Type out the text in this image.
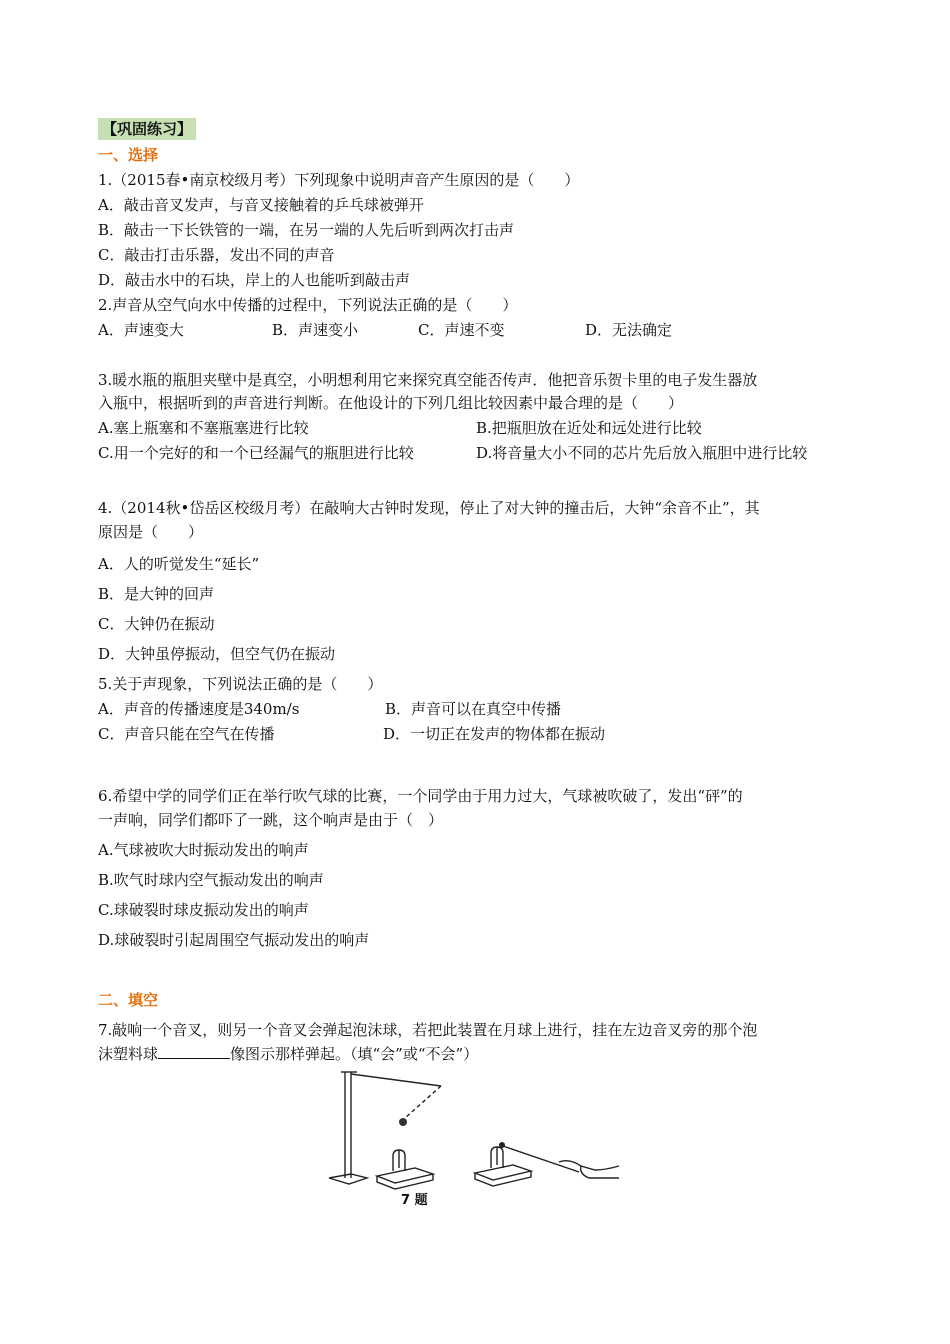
【巩固练习】
一、选择
1.（2015春•南京校级月考）下列现象中说明声音产生原因的是（　　）
A．敲击音叉发声，与音叉接触着的乒乓球被弹开
B．敲击一下长铁管的一端，在另一端的人先后听到两次打击声
C．敲击打击乐器，发出不同的声音
D．敲击水中的石块，岸上的人也能听到敲击声
2.声音从空气向水中传播的过程中，下列说法正确的是（　　）
A．声速变大	B．声速变小	C．声速不变	D．无法确定
3.暖水瓶的瓶胆夹壁中是真空，小明想利用它来探究真空能否传声．他把音乐贺卡里的电子发生器放
入瓶中，根据听到的声音进行判断。在他设计的下列几组比较因素中最合理的是（　　）
A.塞上瓶塞和不塞瓶塞进行比较	B.把瓶胆放在近处和远处进行比较
C.用一个完好的和一个已经漏气的瓶胆进行比较	D.将音量大小不同的芯片先后放入瓶胆中进行比较
4.（2014秋•岱岳区校级月考）在敲响大古钟时发现，停止了对大钟的撞击后，大钟“余音不止”，其
原因是（　　）
A．人的听觉发生“延长”
B．是大钟的回声
C．大钟仍在振动
D．大钟虽停振动，但空气仍在振动
5.关于声现象，下列说法正确的是（　　）
A．声音的传播速度是340m/s	B．声音可以在真空中传播
C．声音只能在空气在传播	D．一切正在发声的物体都在振动
6.希望中学的同学们正在举行吹气球的比赛，一个同学由于用力过大，气球被吹破了，发出“砰”的
一声响，同学们都吓了一跳，这个响声是由于（　）
A.气球被吹大时振动发出的响声
B.吹气时球内空气振动发出的响声
C.球破裂时球皮振动发出的响声
D.球破裂时引起周围空气振动发出的响声
二、填空
7.敲响一个音叉，则另一个音叉会弹起泡沫球，若把此装置在月球上进行，挂在左边音叉旁的那个泡
沫塑料球	像图示那样弹起。（填“会”或“不会”）
7 题
